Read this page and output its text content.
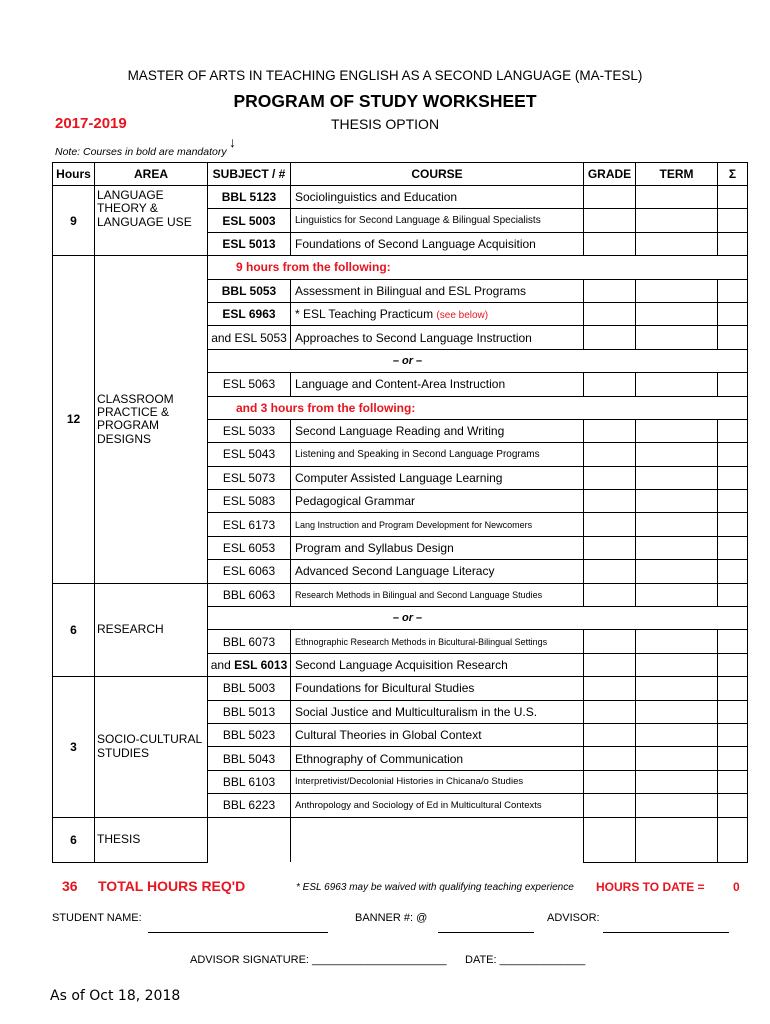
MASTER OF ARTS IN TEACHING ENGLISH AS A SECOND LANGUAGE (MA-TESL)
PROGRAM OF STUDY WORKSHEET
2017-2019	THESIS OPTION
↓
Note: Courses in bold are mandatory
Hours	AREA	SUBJECT / #	COURSE	GRADE	TERM	Σ
9	LANGUAGE THEORY & LANGUAGE USE	BBL 5123	Sociolinguistics and Education			
		ESL 5003	Linguistics for Second Language & Bilingual Specialists			
		ESL 5013	Foundations of Second Language Acquisition			
12	CLASSROOM PRACTICE & PROGRAM DESIGNS	9 hours from the following:				
		BBL 5053	Assessment in Bilingual and ESL Programs			
		ESL 6963	* ESL Teaching Practicum (see below)			
		and ESL 5053	Approaches to Second Language Instruction			
		– or –				
		ESL 5063	Language and Content-Area Instruction			
		and 3 hours from the following:				
		ESL 5033	Second Language Reading and Writing			
		ESL 5043	Listening and Speaking in Second Language Programs			
		ESL 5073	Computer Assisted Language Learning			
		ESL 5083	Pedagogical Grammar			
		ESL 6173	Lang Instruction and Program Development for Newcomers			
		ESL 6053	Program and Syllabus Design			
		ESL 6063	Advanced Second Language Literacy			
6	RESEARCH	BBL 6063	Research Methods in Bilingual and Second Language Studies			
		– or –				
		BBL 6073	Ethnographic Research Methods in Bicultural-Bilingual Settings			
		and ESL 6013	Second Language Acquisition Research			
3	SOCIO-CULTURAL STUDIES	BBL 5003	Foundations for Bicultural Studies			
		BBL 5013	Social Justice and Multiculturalism in the U.S.			
		BBL 5023	Cultural Theories in Global Context			
		BBL 5043	Ethnography of Communication			
		BBL 6103	Interpretivist/Decolonial Histories in Chicana/o Studies			
		BBL 6223	Anthropology and Sociology of Ed in Multicultural Contexts			
6	THESIS					
36 TOTAL HOURS REQ'D	* ESL 6963 may be waived with qualifying teaching experience HOURS TO DATE = 0
STUDENT NAME:	BANNER #: @	ADVISOR:
ADVISOR SIGNATURE: ______________________ DATE: ______________
As of Oct 18, 2018
